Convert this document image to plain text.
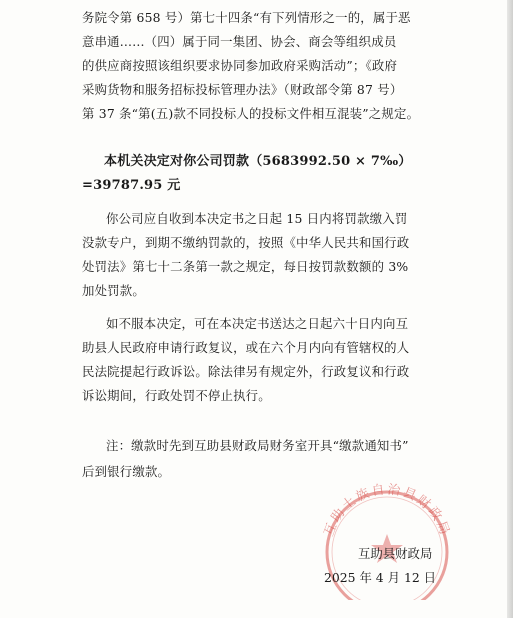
务院令第 658 号）第七十四条“有下列情形之一的，属于恶
意串通......（四）属于同一集团、协会、商会等组织成员
的供应商按照该组织要求协同参加政府采购活动”；《政府
采购货物和服务招标投标管理办法》（财政部令第 87 号）
第 37 条“第(五)款不同投标人的投标文件相互混装”之规定。
本机关决定对你公司罚款（5683992.50 × 7‰）
=39787.95 元
你公司应自收到本决定书之日起 15 日内将罚款缴入罚
没款专户，到期不缴纳罚款的，按照《中华人民共和国行政
处罚法》第七十二条第一款之规定，每日按罚款数额的 3%
加处罚款。
如不服本决定，可在本决定书送达之日起六十日内向互
助县人民政府申请行政复议，或在六个月内向有管辖权的人
民法院提起行政诉讼。除法律另有规定外，行政复议和行政
诉讼期间，行政处罚不停止执行。
注：缴款时先到互助县财政局财务室开具“缴款通知书”
后到银行缴款。
互助土族自治县财政局
互助县财政局
2025 年 4 月 12 日
